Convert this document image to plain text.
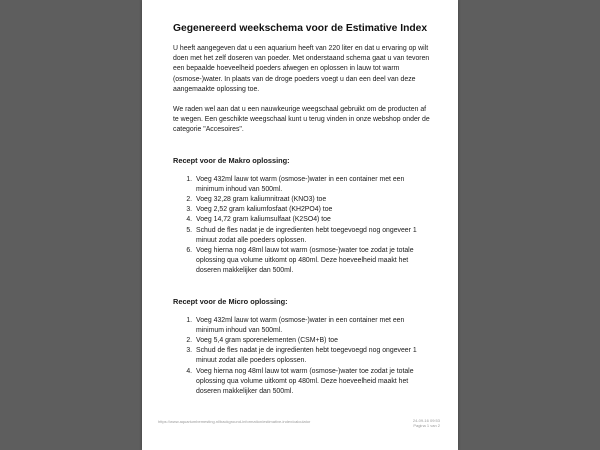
Gegenereerd weekschema voor de Estimative Index

U heeft aangegeven dat u een aquarium heeft van 220 liter en dat u ervaring op wilt doen met het zelf doseren van poeder. Met onderstaand schema gaat u van tevoren een bepaalde hoeveelheid poeders afwegen en oplossen in lauw tot warm (osmose-)water. In plaats van de droge poeders voegt u dan een deel van deze aangemaakte oplossing toe.

We raden wel aan dat u een nauwkeurige weegschaal gebruikt om de producten af te wegen. Een geschikte weegschaal kunt u terug vinden in onze webshop onder de categorie "Accesoires".

Recept voor de Makro oplossing:
1. Voeg 432ml lauw tot warm (osmose-)water in een container met een minimum inhoud van 500ml.
2. Voeg 32,28 gram kaliumnitraat (KNO3) toe
3. Voeg 2,52 gram kaliumfosfaat (KH2PO4) toe
4. Voeg 14,72 gram kaliumsulfaat (K2SO4) toe
5. Schud de fles nadat je de ingredienten hebt toegevoegd nog ongeveer 1 minuut zodat alle poeders oplossen.
6. Voeg hierna nog 48ml lauw tot warm (osmose-)water toe zodat je totale oplossing qua volume uitkomt op 480ml. Deze hoeveelheid maakt het doseren makkelijker dan 500ml.
Recept voor de Micro oplossing:
1. Voeg 432ml lauw tot warm (osmose-)water in een container met een minimum inhoud van 500ml.
2. Voeg 5,4 gram sporenelementen (CSM+B) toe
3. Schud de fles nadat je de ingredienten hebt toegevoegd nog ongeveer 1 minuut zodat alle poeders oplossen.
4. Voeg hierna nog 48ml lauw tot warm (osmose-)water toe zodat je totale oplossing qua volume uitkomt op 480ml. Deze hoeveelheid maakt het doseren makkelijker dan 500ml.
https://www.aquariumbemesting.nl/background-information/estimative-index/calculator	24-09-16 09:53
Pagina 1 van 2
